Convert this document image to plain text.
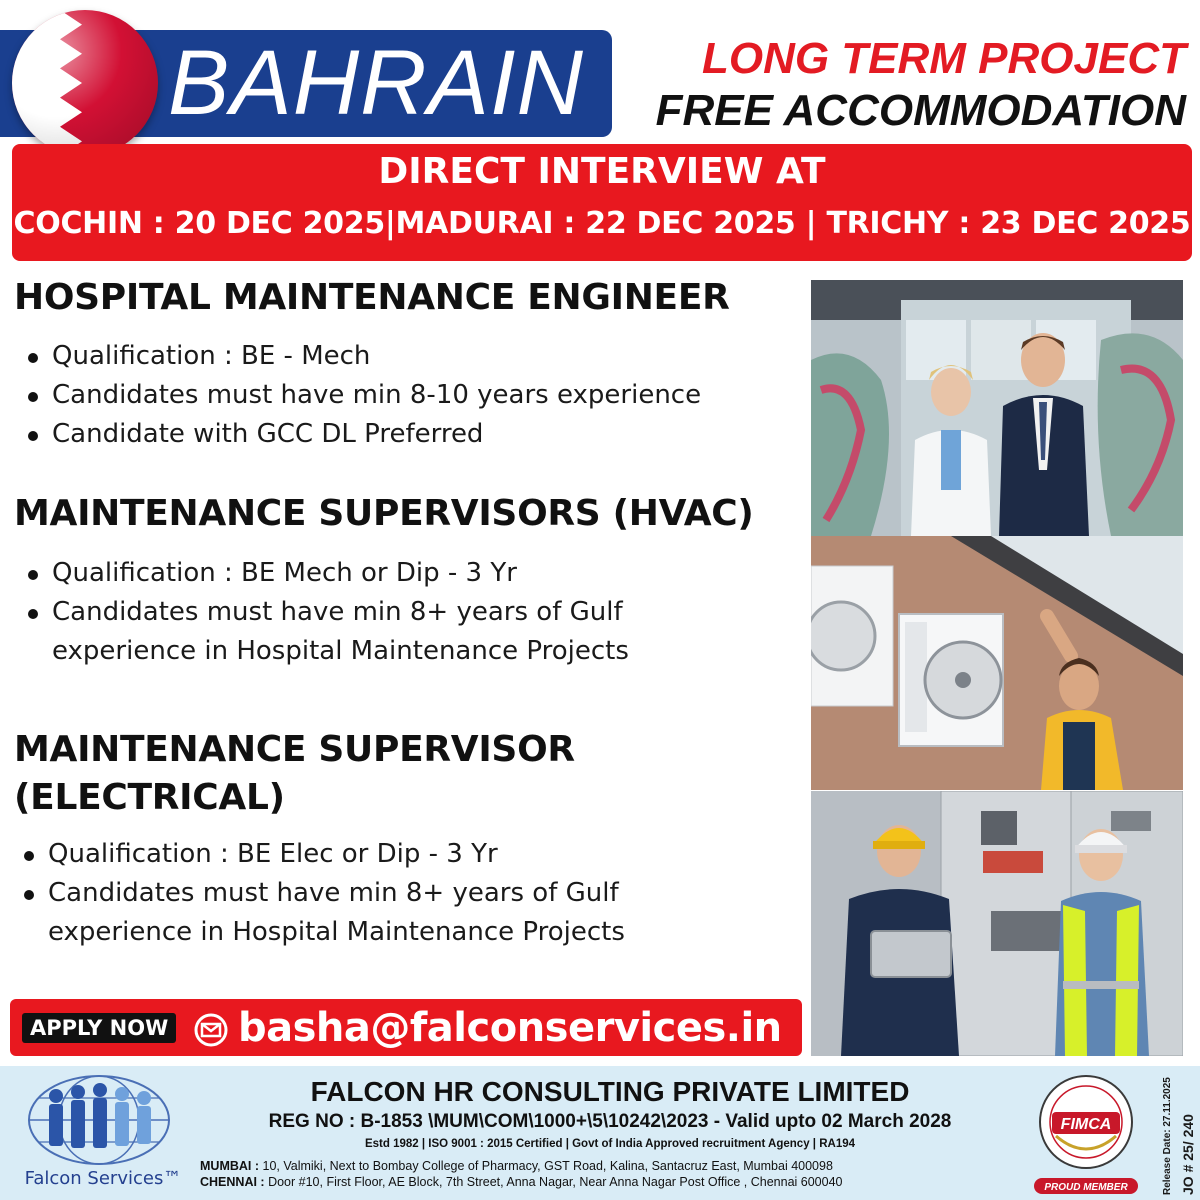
BAHRAIN	LONG TERM PROJECT
FREE ACCOMMODATION
DIRECT INTERVIEW AT
COCHIN : 20 DEC 2025|MADURAI : 22 DEC 2025 | TRICHY : 23 DEC 2025
HOSPITAL MAINTENANCE ENGINEER
Qualification : BE - Mech
Candidates must have min 8-10 years experience
Candidate with GCC DL Preferred
MAINTENANCE SUPERVISORS (HVAC)
Qualification : BE Mech or Dip - 3 Yr
Candidates must have min 8+ years of Gulf
experience in Hospital Maintenance Projects
MAINTENANCE SUPERVISOR
(ELECTRICAL)
Qualification : BE Elec or Dip - 3 Yr
Candidates must have min 8+ years of Gulf
experience in Hospital Maintenance Projects
APPLY NOW basha@falconservices.in
Falcon Services™
FALCON HR CONSULTING PRIVATE LIMITED
REG NO : B-1853 \MUM\COM\1000+\5\10242\2023 - Valid upto 02 March 2028
Estd 1982 | ISO 9001 : 2015 Certified | Govt of India Approved recruitment Agency | RA194
MUMBAI : 10, Valmiki, Next to Bombay College of Pharmacy, GST Road, Kalina, Santacruz East, Mumbai 400098
CHENNAI : Door #10, First Floor, AE Block, 7th Street, Anna Nagar, Near Anna Nagar Post Office , Chennai 600040
FIMCA
PROUD MEMBER	Release Date: 27.11.2025 JO # 25/ 240
